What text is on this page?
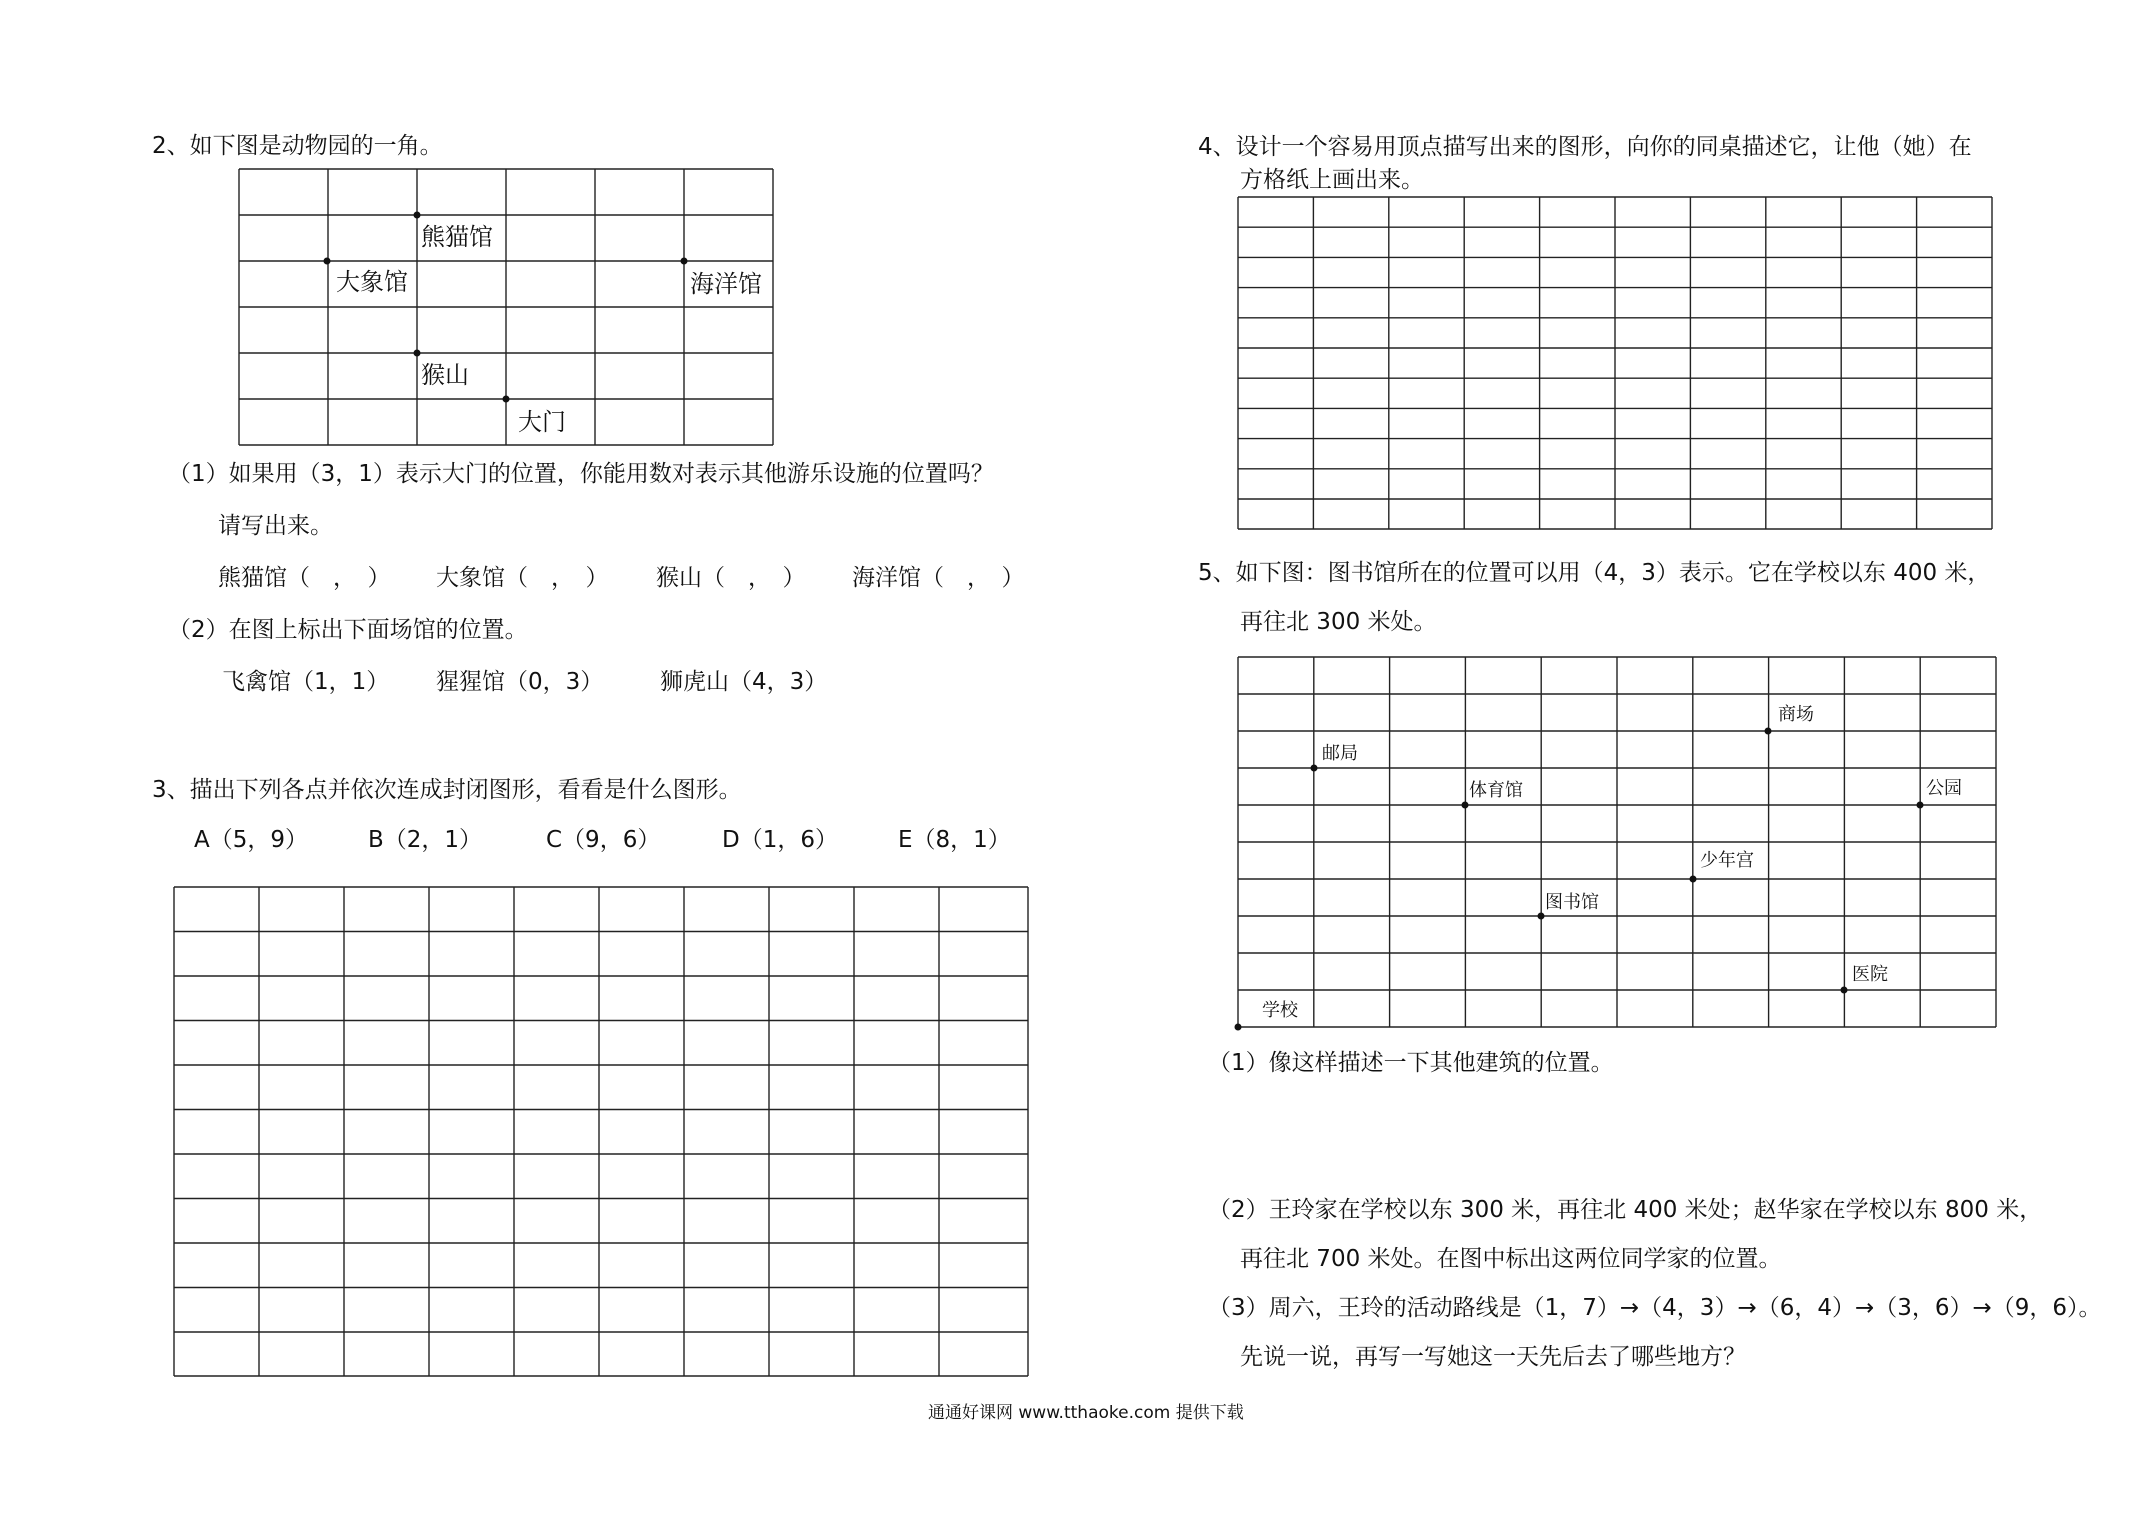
2、如下图是动物园的一角。
熊猫馆
大象馆	海洋馆
猴山
大门
（1）如果用（3，1）表示大门的位置，你能用数对表示其他游乐设施的位置吗？
请写出来。
熊猫馆（　，　） 大象馆（　，　） 猴山（　，　） 海洋馆（　，　）
（2）在图上标出下面场馆的位置。
飞禽馆（1，1） 猩猩馆（0，3） 狮虎山（4，3）
3、描出下列各点并依次连成封闭图形，看看是什么图形。
A（5，9）	B（2，1）	C（9，6）	D（1，6）	E（8，1）
4、设计一个容易用顶点描写出来的图形，向你的同桌描述它，让他（她）在
方格纸上画出来。
5、如下图：图书馆所在的位置可以用（4，3）表示。它在学校以东 400 米，
再往北 300 米处。
学校
邮局
体育馆
图书馆
少年宫
商场
公园
医院
（1）像这样描述一下其他建筑的位置。
（2）王玲家在学校以东 300 米，再往北 400 米处；赵华家在学校以东 800 米，
再往北 700 米处。在图中标出这两位同学家的位置。
（3）周六，王玲的活动路线是（1，7）→（4，3）→（6，4）→（3，6）→（9，6）。
先说一说，再写一写她这一天先后去了哪些地方？
通通好课网 www.tthaoke.com 提供下载
